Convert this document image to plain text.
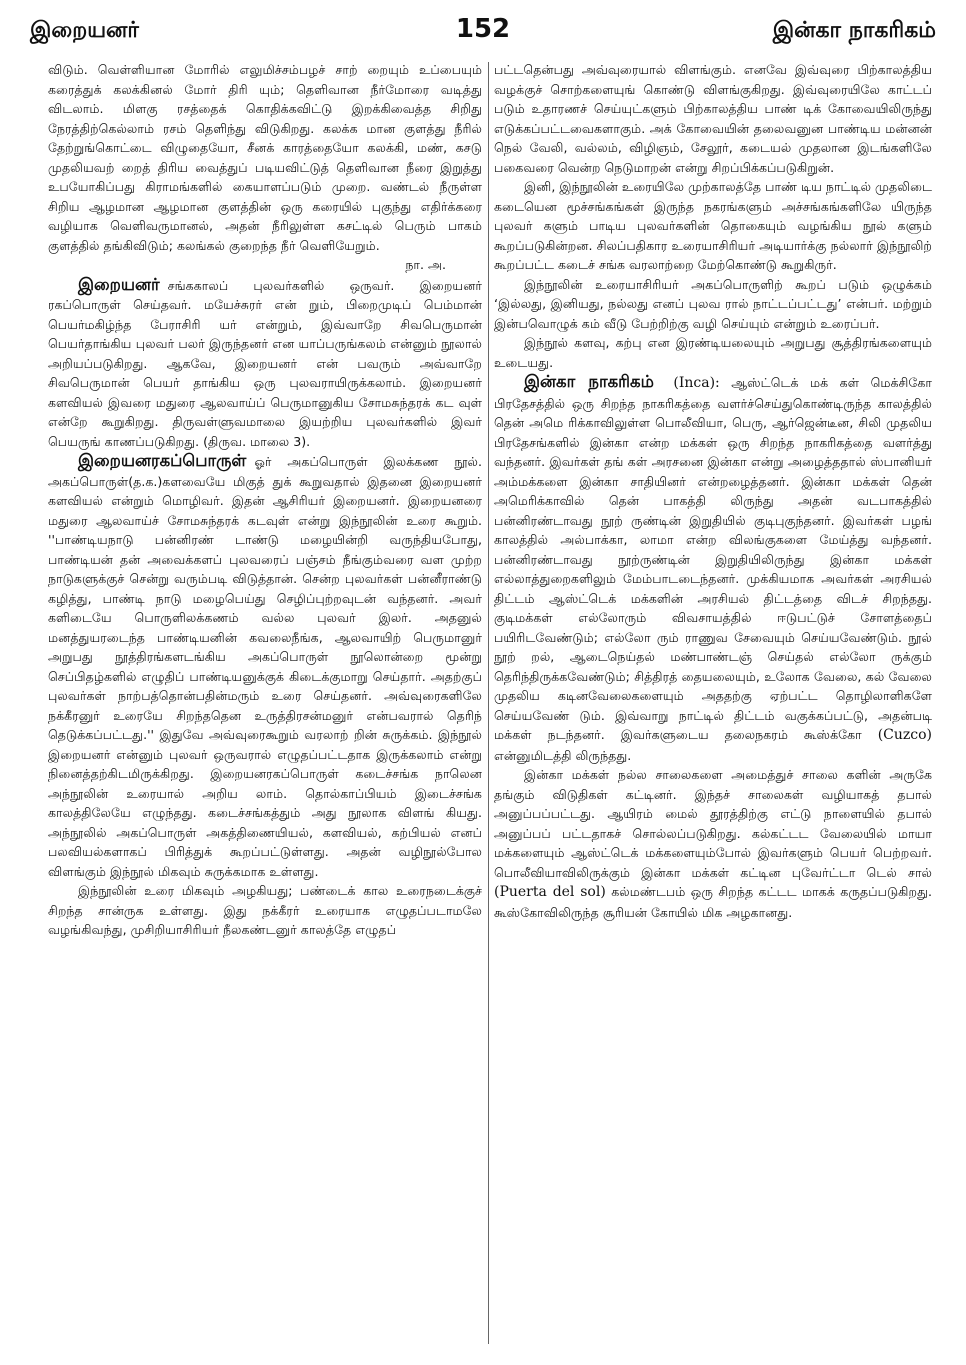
இறையனர்	152	இன்கா நாகரிகம்

விடும். வெள்ளியான மோரில் எலுமிச்சம்பழச் சாற் றையும் உப்பையும் கரைத்துக் கலக்கினல் மோர் திரி யும்; தெளிவான நீர்மோரை வடித்து விடலாம். மிளகு ரசத்தைக் கொதிக்கவிட்டு இறக்கிவைத்த சிறிது நேரத்திற்கெல்லாம் ரசம் தெளிந்து விடுகிறது. கலக்க மான குளத்து நீரில் தேற்றுங்கொட்டை விழுதையோ, சீனக் காரத்தையோ கலக்கி, மண், கசடு முதலியவற் றைத் திரிய வைத்துப் படியவிட்டுத் தெளிவான நீரை இறுத்து உபயோகிப்பது கிராமங்களில் கையாளப்படும் முறை. வண்டல் நீருள்ள சிறிய ஆழமான ஆழமான குளத்தின் ஒரு கரையில் புகுந்து எதிர்க்கரை வழியாக வெளிவருமானல், அதன் நீரிலுள்ள கசட்டில் பெரும் பாகம் குளத்தில் தங்கிவிடும்; கலங்கல் குறைந்த நீர் வெளியேறும்.
நா. அ.

இறையனர் சங்ககாலப் புலவர்களில் ஒருவர். இறையனர் ரகப்பொருள் செய்தவர். மயேச்சுரர் என் றும், பிறைமுடிப் பெம்மான் பெயர்மகிழ்ந்த பேராசிரி யர் என்றும், இவ்வாறே சிவபெருமான் பெயர்தாங்கிய புலவர் பலர் இருந்தனர் என யாப்பருங்கலம் என்னும் நூலால் அறியப்படுகிறது. ஆகவே, இறையனர் என் பவரும் அவ்வாறே சிவபெருமான் பெயர் தாங்கிய ஒரு புலவராயிருக்கலாம். இறையனர் களவியல் இவரை மதுரை ஆலவாய்ப் பெருமானுகிய சோமசுந்தரக் கட வுள் என்றே கூறுகிறது. திருவள்ளுவமாலை இயற்றிய புலவர்களில் இவர் பெயருங் காணப்படுகிறது. (திருவ. மாலை 3).

இறையனரகப்பொருள் ஓர் அகப்பொருள் இலக்கண நூல். அகப்பொருள்(த.க.)களவையே மிகுத் துக் கூறுவதால் இதனை இறையனர் களவியல் என்றும் மொழிவர். இதன் ஆசிரியர் இறையனர். இறையனரை மதுரை ஆலவாய்ச் சோமசுந்தரக் கடவுள் என்று இந்நூலின் உரை கூறும். ''பாண்டியநாடு பன்னிரண் டாண்டு மழையின்றி வருந்தியபோது, பாண்டியன் தன் அவைக்களப் புலவரைப் பஞ்சம் நீங்கும்வரை வள முற்ற நாடுகளுக்குச் சென்று வரும்படி விடுத்தான். சென்ற புலவர்கள் பன்னீராண்டு கழித்து, பாண்டி நாடு மழைபெய்து செழிப்புற்றவுடன் வந்தனர். அவர் களிடையே பொருளிலக்கணம் வல்ல புலவர் இலர். அதனுல் மனத்துயரடைந்த பாண்டியனின் கவலைநீங்க, ஆலவாயிற் பெருமானுர் அறுபது நூத்திரங்களடங்கிய அகப்பொருள் நூலொன்றை மூன்று செப்பிதழ்களில் எழுதிப் பாண்டியனுக்குக் கிடைக்குமாறு செய்தார். அதற்குப் புலவர்கள் நாற்பத்தொன்பதின்மரும் உரை செய்தனர். அவ்வுரைகளிலே நக்கீரனுர் உரையே சிறந்ததென உருத்திரசன்மனுர் என்பவரால் தெரிந் தெடுக்கப்பட்டது.'' இதுவே அவ்வுரைகூறும் வரலாற் றின் சுருக்கம். இந்நூல் இறையனர் என்னும் புலவர் ஒருவரால் எழுதப்பட்டதாக இருக்கலாம் என்று நினைத்தற்கிடமிருக்கிறது. இறையனரகப்பொருள் கடைச்சங்க நாலென அந்நூலின் உரையால் அறிய லாம். தொல்காப்பியம் இடைச்சங்க காலத்திலேயே எழுந்தது. கடைச்சங்கத்தும் அது நூலாக விளங் கியது. அந்நூலில் அகப்பொருள் அகத்திணையியல், களவியல், கற்பியல் எனப் பலவியல்களாகப் பிரித்துக் கூறப்பட்டுள்ளது. அதன் வழிநூல்போல விளங்கும் இந்நூல் மிகவும் சுருக்கமாக உள்ளது.

இந்நூலின் உரை மிகவும் அழகியது; பண்டைக் கால உரைநடைக்குச் சிறந்த சான்ருக உள்ளது. இது நக்கீரர் உரையாக எழுதப்படாமலே வழங்கிவந்து, முசிறியாசிரியர் நீலகண்டனுர் காலத்தே எழுதப்

பட்டதென்பது அவ்வுரையால் விளங்கும். எனவே இவ்வுரை பிற்காலத்திய வழக்குச் சொற்களையுங் கொண்டு விளங்குகிறது. இவ்வுரையிலே காட்டப் படும் உதாரணச் செய்யுட்களும் பிற்காலத்திய பாண் டிக் கோவையிலிருந்து எடுக்கப்பட்டவைகளாகும். அக் கோவையின் தலைவனுன பாண்டிய மன்னன் நெல் வேலி, வல்லம், விழிஞம், சேலூர், கடையல் முதலான இடங்களிலே பகைவரை வென்ற நெடுமாறன் என்று சிறப்பிக்கப்படுகிறுன்.

இனி, இந்நூலின் உரையிலே முற்காலத்தே பாண் டிய நாட்டில் முதலிடை கடையென மூச்சங்கங்கள் இருந்த நகரங்களும் அச்சங்கங்களிலே யிருந்த புலவர் களும் பாடிய புலவர்களின் தொகையும் வழங்கிய நூல் களும் கூறப்படுகின்றன. சிலப்பதிகார உரையாசிரியர் அடியார்க்கு நல்லார் இந்நூலிற் கூறப்பட்ட கடைச் சங்க வரலாற்றை மேற்கொண்டு கூறுகிருர்.

இந்நூலின் உரையாசிரியர் அகப்பொருளிற் கூறப் படும் ஒழுக்கம் ‘இல்லது, இனியது, நல்லது எனப் புலவ ரால் நாட்டப்பட்டது’ என்பர். மற்றும் இன்பவொழுக் கம் வீடு பேற்றிற்கு வழி செய்யும் என்றும் உரைப்பர்.

இந்நூல் களவு, கற்பு என இரண்டியலையும் அறுபது சூத்திரங்களையும் உடையது.

இன்கா நாகரிகம் (Inca): ஆஸ்ட்டெக் மக் கள் மெக்சிகோ பிரதேசத்தில் ஒரு சிறந்த நாகரிகத்தை வளர்ச்செய்துகொண்டிருந்த காலத்தில் தென் அமெ ரிக்காவிலுள்ள பொலீவியா, பெரு, ஆர்ஜென்டீன, சிலி முதலிய பிரதேசங்களில் இன்கா என்ற மக்கள் ஒரு சிறந்த நாகரிகத்தை வளர்த்து வந்தனர். இவர்கள் தங் கள் அரசனை இன்கா என்று அழைத்ததால் ஸ்பானியர் அம்மக்களை இன்கா சாதியினர் என்றழைத்தனர். இன்கா மக்கள் தென் அமெரிக்காவில் தென் பாகத்தி லிருந்து அதன் வடபாகத்தில் பன்னிரண்டாவது நூற் ருண்டின் இறுதியில் குடிபுகுந்தனர். இவர்கள் பழங் காலத்தில் அல்பாக்கா, லாமா என்ற விலங்குகளை மேய்த்து வந்தனர். பன்னிரண்டாவது நூற்ருண்டின் இறுதியிலிருந்து இன்கா மக்கள் எல்லாத்துறைகளிலும் மேம்பாடடைந்தனர். முக்கியமாக அவர்கள் அரசியல் திட்டம் ஆஸ்ட்டெக் மக்களின் அரசியல் திட்டத்தை விடச் சிறந்தது. குடிமக்கள் எல்லோரும் விவசாயத்தில் ஈடுபட்டுச் சோளத்தைப் பயிரிடவேண்டும்; எல்லோ ரும் ராணுவ சேவையும் செய்யவேண்டும். நூல் நூற் றல், ஆடைநெய்தல் மண்பாண்டஞ் செய்தல் எல்லோ ருக்கும் தெரிந்திருக்கவேண்டும்; சித்திரத் தையலையும், உலோக வேலை, கல் வேலை முதலிய கடினவேலைகளையும் அததற்கு ஏற்பட்ட தொழிலாளிகளே செய்யவேண் டும். இவ்வாறு நாட்டில் திட்டம் வகுக்கப்பட்டு, அதன்படி மக்கள் நடந்தனர். இவர்களுடைய தலைநகரம் கூஸ்க்கோ (Cuzco) என்னுமிடத்தி லிருந்தது.

இன்கா மக்கள் நல்ல சாலைகளை அமைத்துச் சாலை களின் அருகே தங்கும் விடுதிகள் கட்டினர். இந்தச் சாலைகள் வழியாகத் தபால் அனுப்பப்பட்டது. ஆயிரம் மைல் தூரத்திற்கு எட்டு நாளையில் தபால் அனுப்பப் பட்டதாகச் சொல்லப்படுகிறது. கல்கட்டட வேலையில் மாயா மக்களையும் ஆஸ்ட்டெக் மக்களையும்போல் இவர்களும் பெயர் பெற்றவர். பொலீவியாவிலிருக்கும் இன்கா மக்கள் கட்டின புவேர்ட்டா டெல் சால் (Puerta del sol) கல்மண்டபம் ஒரு சிறந்த கட்டட மாகக் கருதப்படுகிறது. கூஸ்கோவிலிருந்த சூரியன் கோயில் மிக அழகானது.
